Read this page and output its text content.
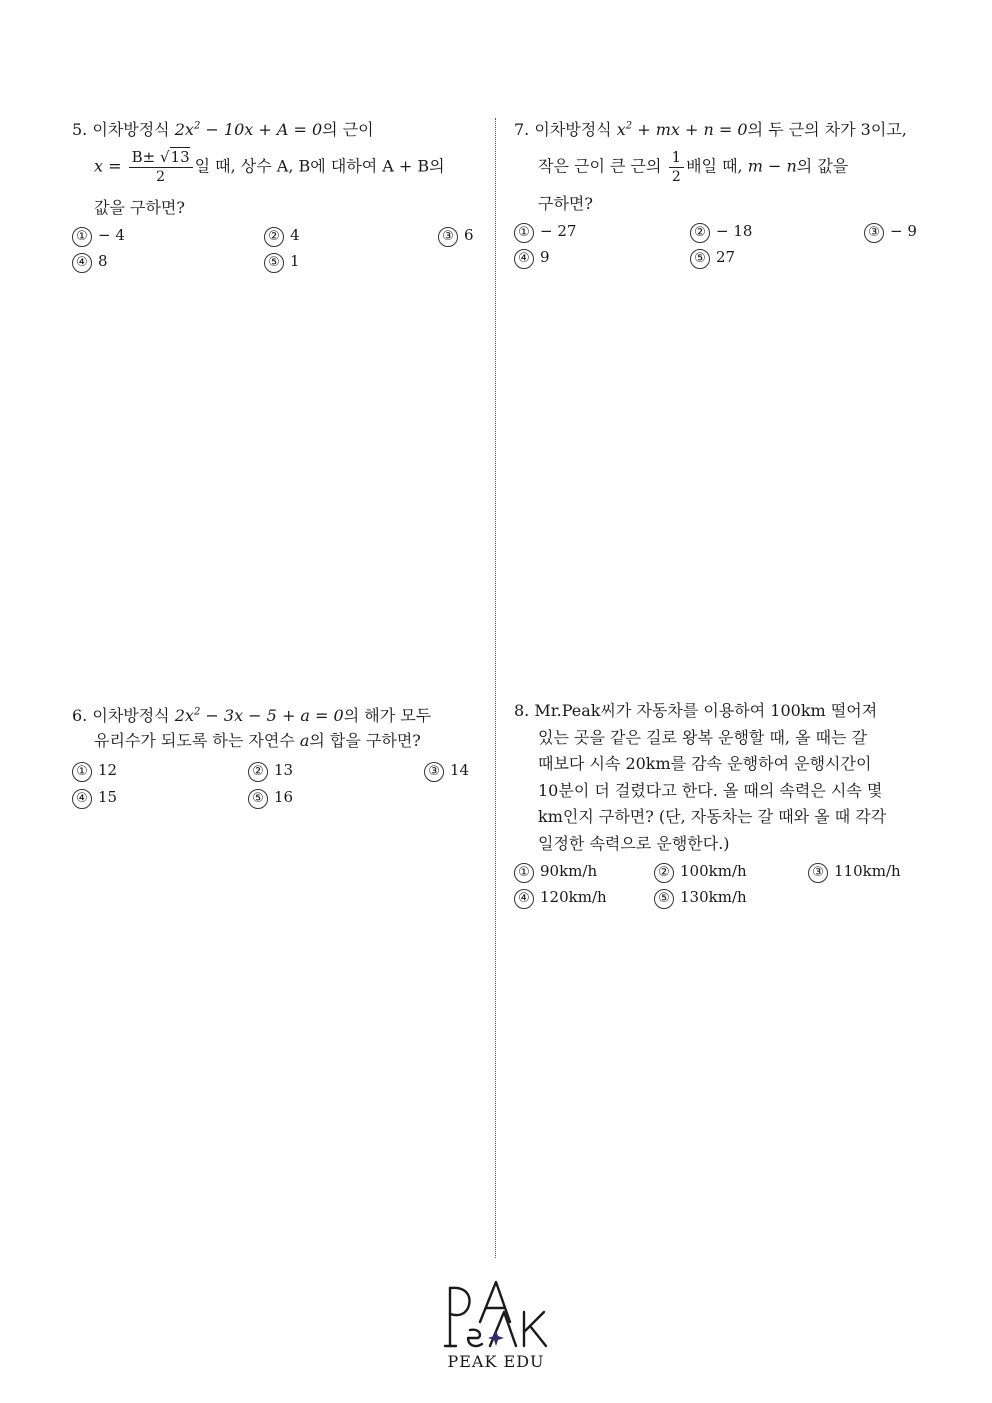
5. 이차방정식 $2x^2 - 10x + A = 0$의 근이
$x = \frac{B\pm √13}{2}$ 일 때, 상수 A, B에 대하여 A + B의
값을 구하면?
① − 4	② 4	③ 6
④ 8	⑤ 1
7. 이차방정식 $x^2$ + mx + n = 0의 두 근의 차가 3이고,
작은 근이 큰 근의 $\frac{1}{2}$ 배일 때, m − n의 값을
구하면?
① − 27	② − 18	③ − 9
④ 9	⑤ 27
6. 이차방정식 $2x^2 - 3x - 5 + a = 0$의 해가 모두
유리수가 되도록 하는 자연수 a의 합을 구하면?
① 12	② 13	③ 14
④ 15	⑤ 16
8. Mr.Peak씨가 자동차를 이용하여 100km 떨어져
있는 곳을 같은 길로 왕복 운행할 때, 올 때는 갈
때보다 시속 20km를 감속 운행하여 운행시간이
10분이 더 걸렸다고 한다. 올 때의 속력은 시속 몇
km인지 구하면? (단, 자동차는 갈 때와 올 때 각각
일정한 속력으로 운행한다.)
① 90km/h	② 100km/h	③ 110km/h
④ 120km/h	⑤ 130km/h
PEAK EDU
